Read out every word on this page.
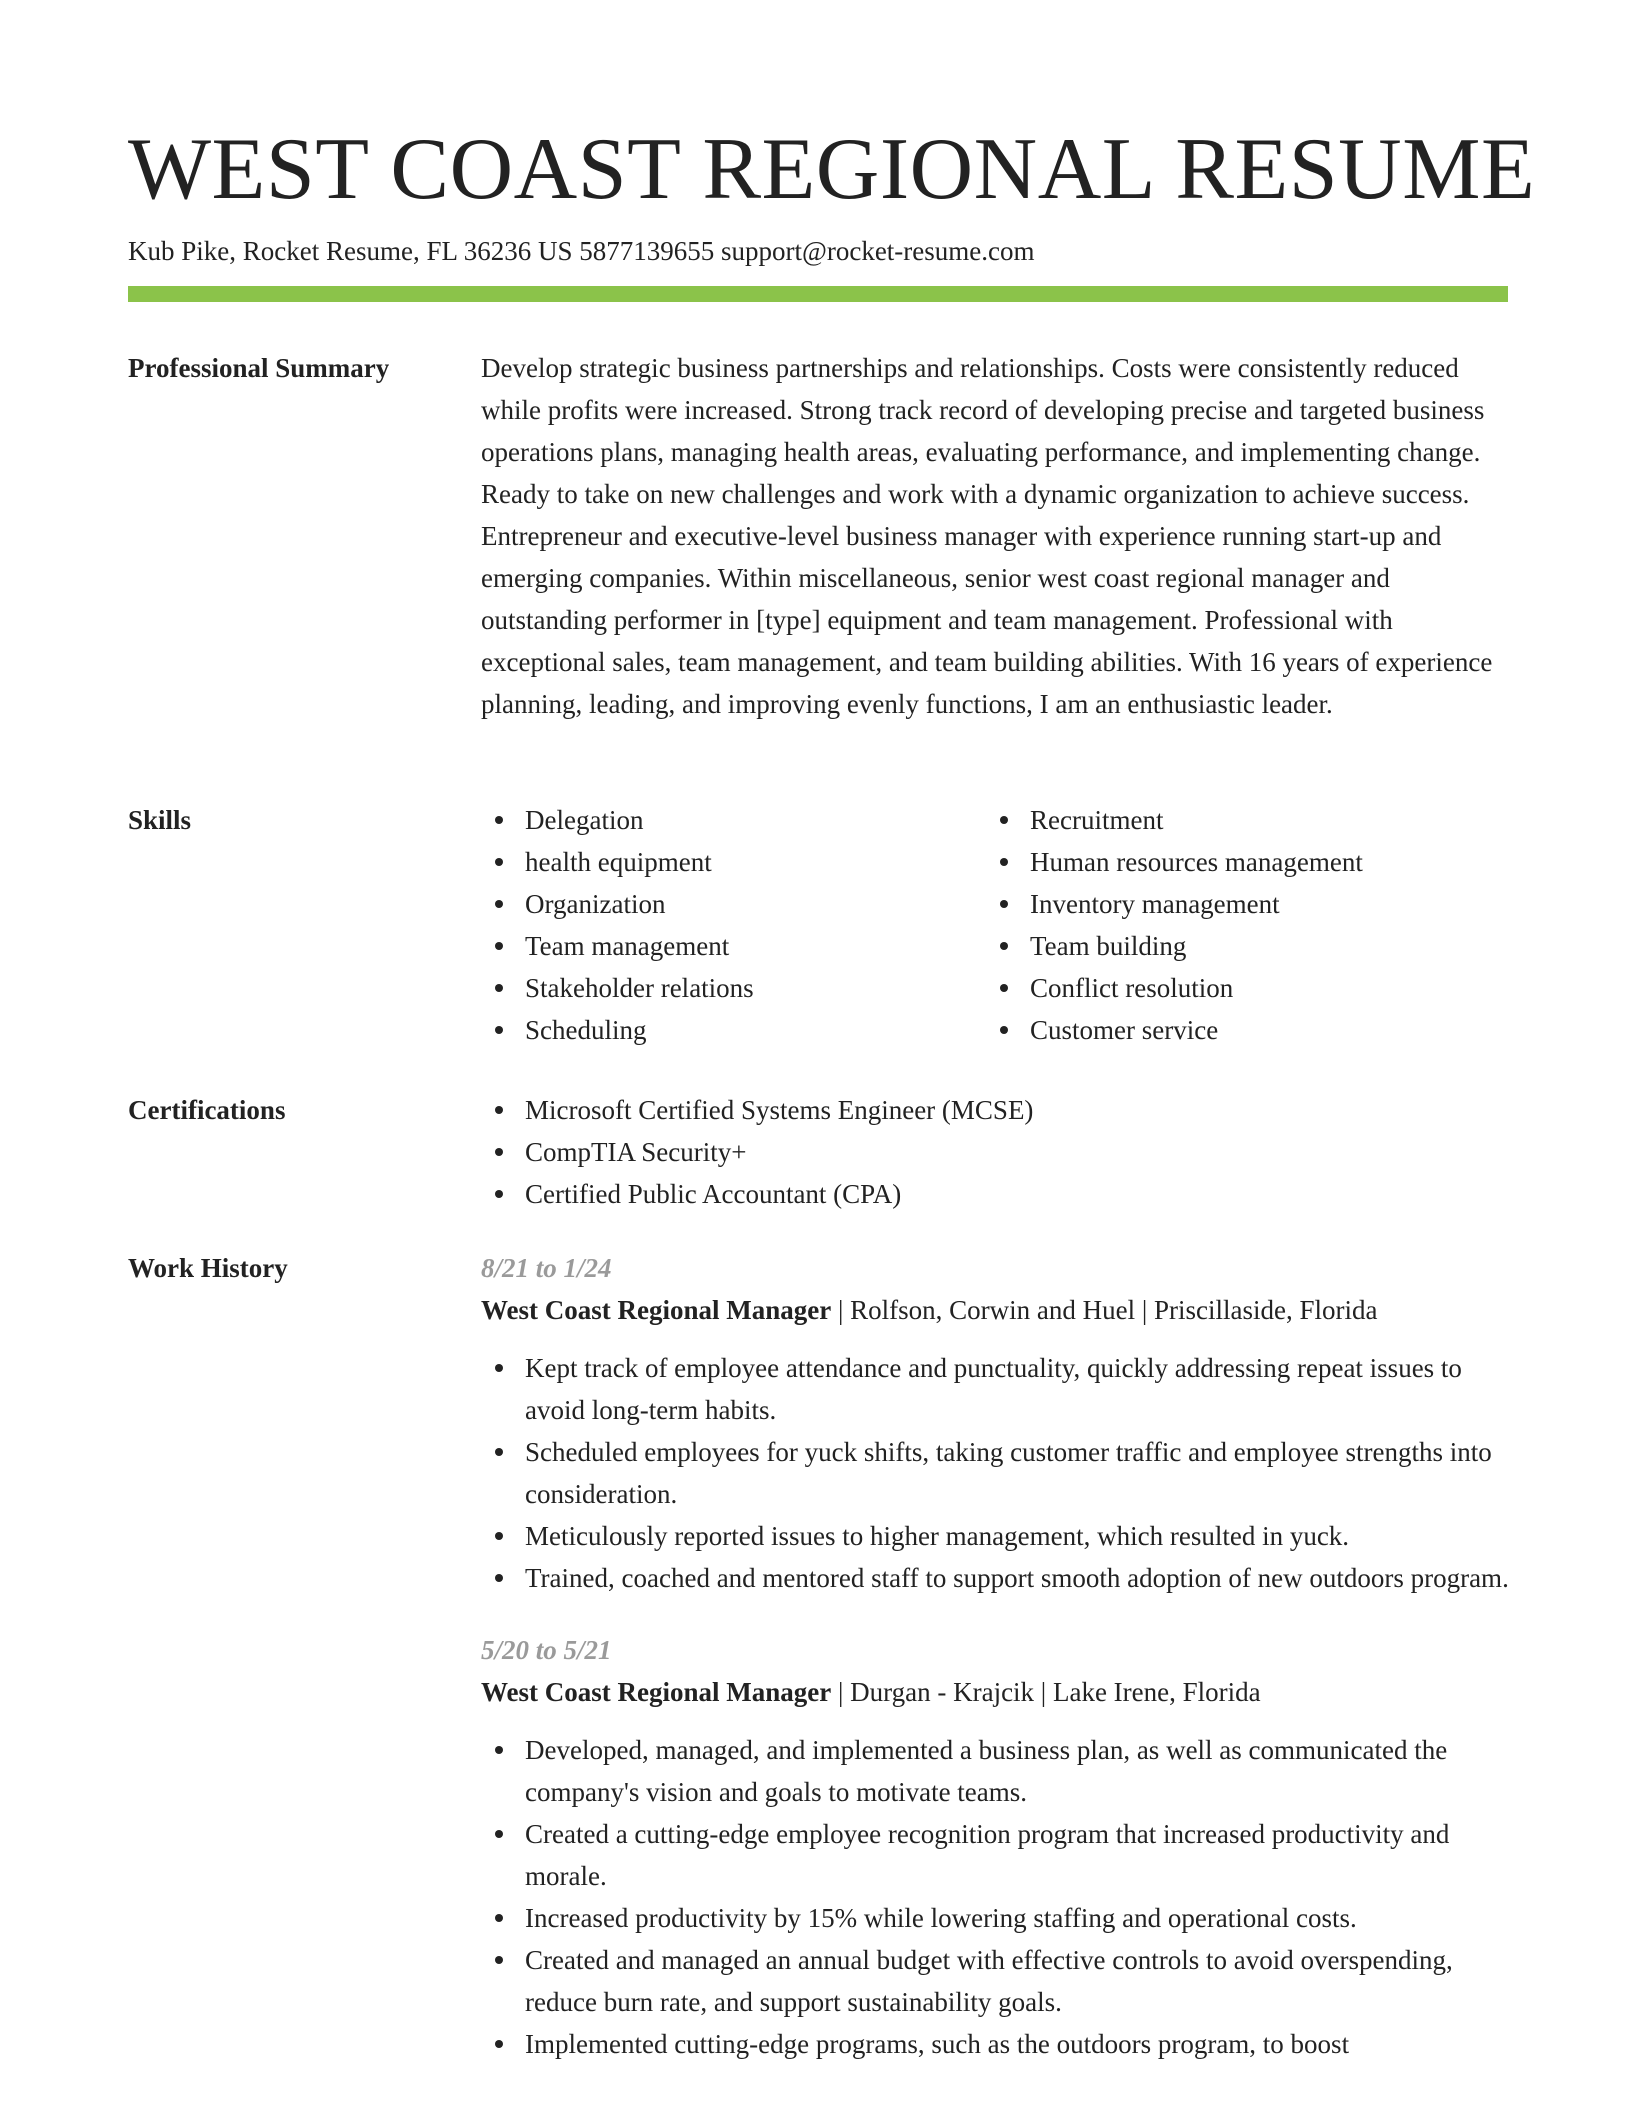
WEST COAST REGIONAL RESUME
Kub Pike, Rocket Resume, FL 36236 US 5877139655 support@rocket-resume.com
Professional Summary	Develop strategic business partnerships and relationships. Costs were consistently reduced while profits were increased. Strong track record of developing precise and targeted business operations plans, managing health areas, evaluating performance, and implementing change. Ready to take on new challenges and work with a dynamic organization to achieve success. Entrepreneur and executive-level business manager with experience running start-up and emerging companies. Within miscellaneous, senior west coast regional manager and outstanding performer in [type] equipment and team management. Professional with exceptional sales, team management, and team building abilities. With 16 years of experience planning, leading, and improving evenly functions, I am an enthusiastic leader.

Skills	Delegation
health equipment
Organization
Team management
Stakeholder relations
Scheduling
Recruitment
Human resources management
Inventory management
Team building
Conflict resolution
Customer service
Certifications	Microsoft Certified Systems Engineer (MCSE)
CompTIA Security+
Certified Public Accountant (CPA)
Work History	8/21 to 1/24
West Coast Regional Manager | Rolfson, Corwin and Huel | Priscillaside, Florida
Kept track of employee attendance and punctuality, quickly addressing repeat issues to avoid long-term habits.
Scheduled employees for yuck shifts, taking customer traffic and employee strengths into consideration.
Meticulously reported issues to higher management, which resulted in yuck.
Trained, coached and mentored staff to support smooth adoption of new outdoors program.
5/20 to 5/21
West Coast Regional Manager | Durgan - Krajcik | Lake Irene, Florida
Developed, managed, and implemented a business plan, as well as communicated the company's vision and goals to motivate teams.
Created a cutting-edge employee recognition program that increased productivity and morale.
Increased productivity by 15% while lowering staffing and operational costs.
Created and managed an annual budget with effective controls to avoid overspending, reduce burn rate, and support sustainability goals.
Implemented cutting-edge programs, such as the outdoors program, to boost
